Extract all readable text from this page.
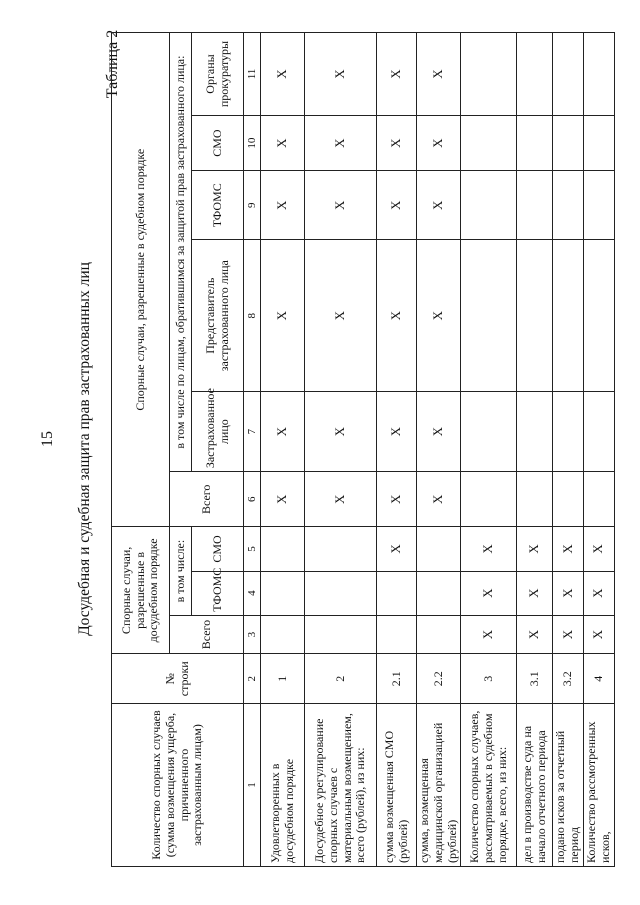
15
Таблица 2
Досудебная и судебная защита прав застрахованных лиц
Количество спорных случаев (сумма возмещения ущерба, причиненного застрахованным лицам)	№ строки	Спорные случаи, разрешенные в досудебном порядке			Спорные случаи, разрешенные в судебном порядке					
		Всего	в том числе:		Всего	в том числе по лицам, обратившимся за защитой прав застрахованного лица:				
			ТФОМС	СМО		Застрахованное лицо	Представитель застрахованного лица	ТФОМС	СМО	Органы прокуратуры
1	2	3	4	5	6	7	8	9	10	11
Удовлетворенных в досудебном порядке	1				X	X	X	X	X	X
Досудебное урегулирование спорных случаев с материальным возмещением, всего (рублей), из них:	2				X	X	X	X	X	X
сумма возмещенная СМО (рублей)	2.1			X	X	X	X	X	X	X
сумма, возмещенная медицинской организацией (рублей)	2.2				X	X	X	X	X	X
Количество спорных случаев, рассматриваемых в судебном порядке, всего, из них:	3	X	X	X						
дел в производстве суда на начало отчетного периода	3.1	X	X	X						
подано исков за отчетный период	3.2	X	X	X						
Количество рассмотренных исков,	4	X	X	X						
